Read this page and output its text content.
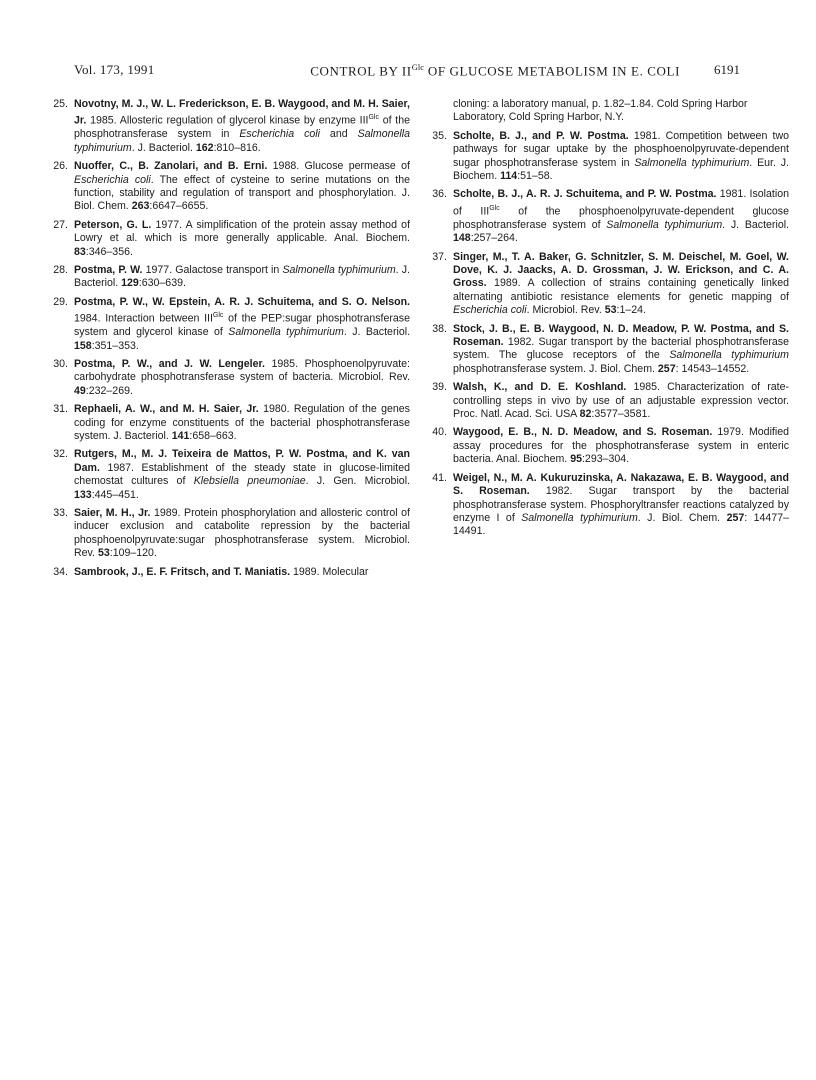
Vol. 173, 1991	CONTROL BY $II^{Glc}$ OF GLUCOSE METABOLISM IN E. COLI	6191
25. Novotny, M. J., W. L. Frederickson, E. B. Waygood, and M. H. Saier, Jr. 1985. Allosteric regulation of glycerol kinase by enzyme $III^{Glc}$ of the phosphotransferase system in Escherichia coli and Salmonella typhimurium. J. Bacteriol. 162:810–816.
26. Nuoffer, C., B. Zanolari, and B. Erni. 1988. Glucose permease of Escherichia coli. The effect of cysteine to serine mutations on the function, stability and regulation of transport and phosphorylation. J. Biol. Chem. 263:6647–6655.
27. Peterson, G. L. 1977. A simplification of the protein assay method of Lowry et al. which is more generally applicable. Anal. Biochem. 83:346–356.
28. Postma, P. W. 1977. Galactose transport in Salmonella typhimurium. J. Bacteriol. 129:630–639.
29. Postma, P. W., W. Epstein, A. R. J. Schuitema, and S. O. Nelson. 1984. Interaction between $III^{Glc}$ of the PEP:sugar phosphotransferase system and glycerol kinase of Salmonella typhimurium. J. Bacteriol. 158:351–353.
30. Postma, P. W., and J. W. Lengeler. 1985. Phosphoenolpyruvate: carbohydrate phosphotransferase system of bacteria. Microbiol. Rev. 49:232–269.
31. Rephaeli, A. W., and M. H. Saier, Jr. 1980. Regulation of the genes coding for enzyme constituents of the bacterial phosphotransferase system. J. Bacteriol. 141:658–663.
32. Rutgers, M., M. J. Teixeira de Mattos, P. W. Postma, and K. van Dam. 1987. Establishment of the steady state in glucose-limited chemostat cultures of Klebsiella pneumoniae. J. Gen. Microbiol. 133:445–451.
33. Saier, M. H., Jr. 1989. Protein phosphorylation and allosteric control of inducer exclusion and catabolite repression by the bacterial phosphoenolpyruvate:sugar phosphotransferase system. Microbiol. Rev. 53:109–120.
34. Sambrook, J., E. F. Fritsch, and T. Maniatis. 1989. Molecular
cloning: a laboratory manual, p. 1.82–1.84. Cold Spring Harbor Laboratory, Cold Spring Harbor, N.Y.
35. Scholte, B. J., and P. W. Postma. 1981. Competition between two pathways for sugar uptake by the phosphoenolpyruvate-dependent sugar phosphotransferase system in Salmonella typhimurium. Eur. J. Biochem. 114:51–58.
36. Scholte, B. J., A. R. J. Schuitema, and P. W. Postma. 1981. Isolation of $III^{Glc}$ of the phosphoenolpyruvate-dependent glucose phosphotransferase system of Salmonella typhimurium. J. Bacteriol. 148:257–264.
37. Singer, M., T. A. Baker, G. Schnitzler, S. M. Deischel, M. Goel, W. Dove, K. J. Jaacks, A. D. Grossman, J. W. Erickson, and C. A. Gross. 1989. A collection of strains containing genetically linked alternating antibiotic resistance elements for genetic mapping of Escherichia coli. Microbiol. Rev. 53:1–24.
38. Stock, J. B., E. B. Waygood, N. D. Meadow, P. W. Postma, and S. Roseman. 1982. Sugar transport by the bacterial phosphotransferase system. The glucose receptors of the Salmonella typhimurium phosphotransferase system. J. Biol. Chem. 257: 14543–14552.
39. Walsh, K., and D. E. Koshland. 1985. Characterization of rate-controlling steps in vivo by use of an adjustable expression vector. Proc. Natl. Acad. Sci. USA 82:3577–3581.
40. Waygood, E. B., N. D. Meadow, and S. Roseman. 1979. Modified assay procedures for the phosphotransferase system in enteric bacteria. Anal. Biochem. 95:293–304.
41. Weigel, N., M. A. Kukuruzinska, A. Nakazawa, E. B. Waygood, and S. Roseman. 1982. Sugar transport by the bacterial phosphotransferase system. Phosphoryltransfer reactions catalyzed by enzyme I of Salmonella typhimurium. J. Biol. Chem. 257: 14477–14491.
